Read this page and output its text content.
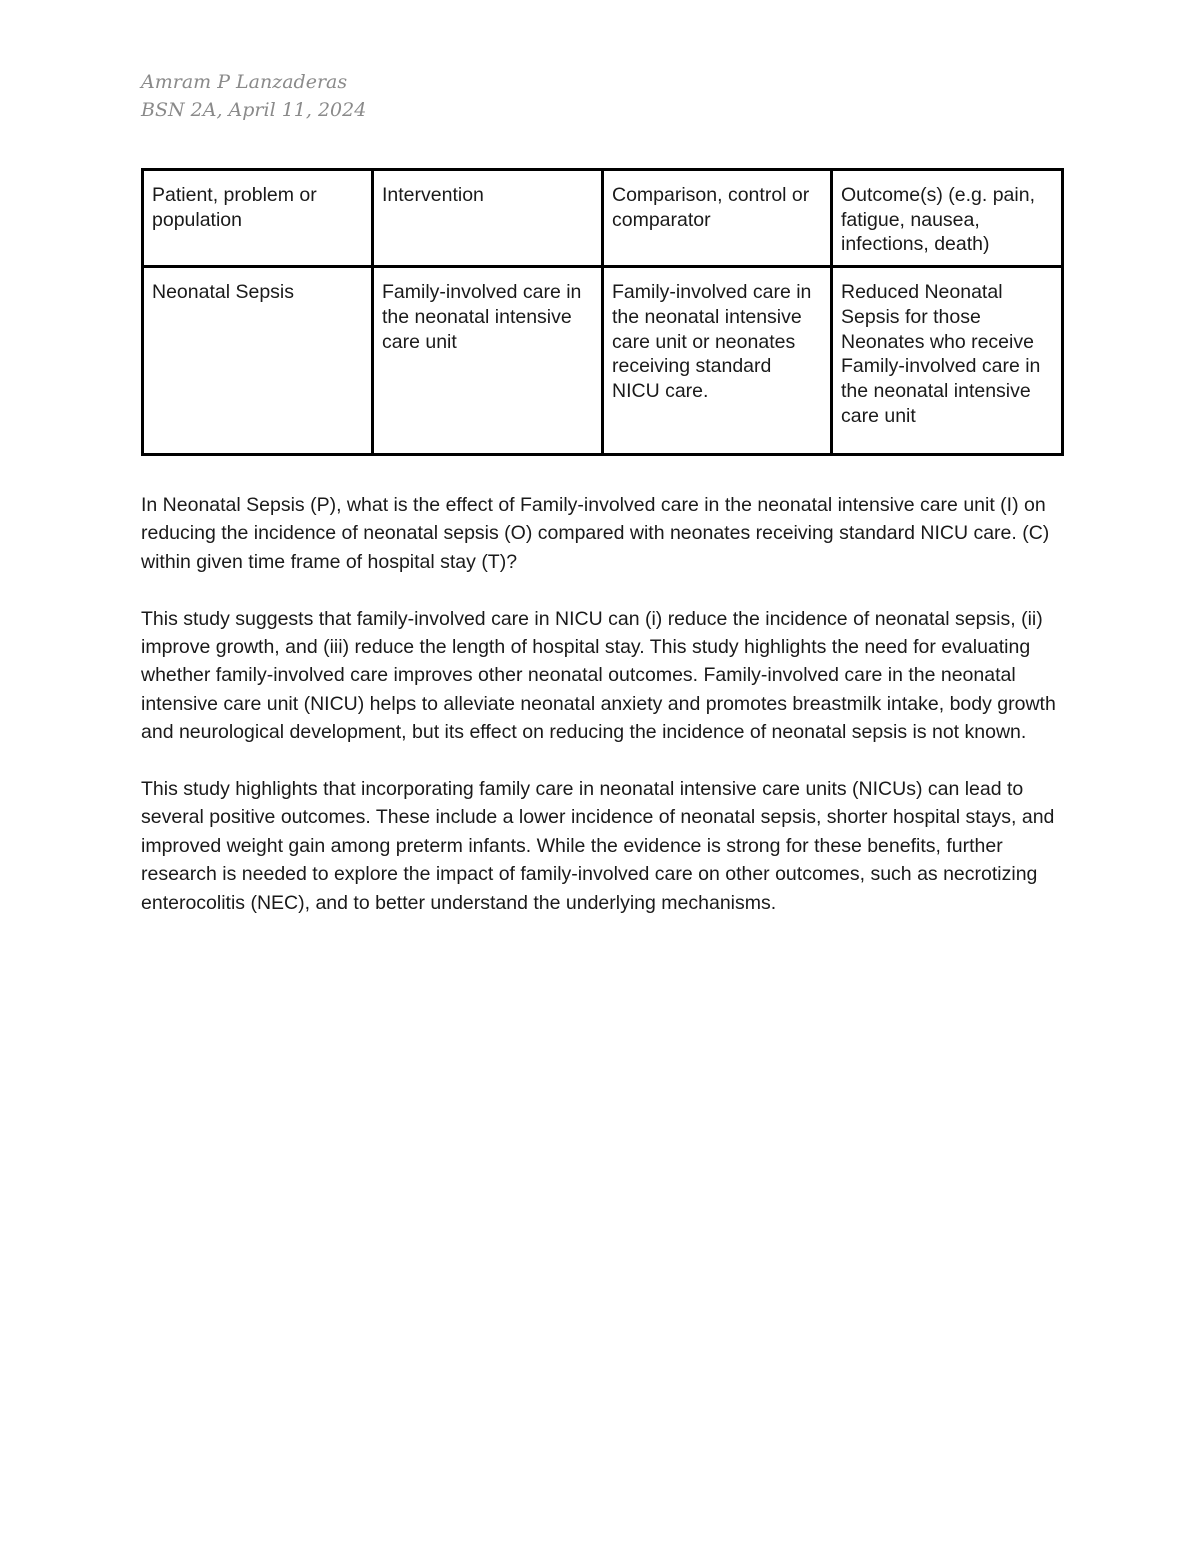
Amram P Lanzaderas
BSN 2A, April 11, 2024
Patient, problem or population	Intervention	Comparison, control or comparator	Outcome(s) (e.g. pain, fatigue, nausea, infections, death)
Neonatal Sepsis	Family-involved care in the neonatal intensive care unit	Family-involved care in the neonatal intensive care unit or neonates receiving standard NICU care.	Reduced Neonatal Sepsis for those Neonates who receive Family-involved care in the neonatal intensive care unit

In Neonatal Sepsis (P), what is the effect of Family-involved care in the neonatal intensive care unit (I) on reducing the incidence of neonatal sepsis (O) compared with neonates receiving standard NICU care. (C) within given time frame of hospital stay (T)?

This study suggests that family-involved care in NICU can (i) reduce the incidence of neonatal sepsis, (ii) improve growth, and (iii) reduce the length of hospital stay. This study highlights the need for evaluating whether family-involved care improves other neonatal outcomes. Family-involved care in the neonatal intensive care unit (NICU) helps to alleviate neonatal anxiety and promotes breastmilk intake, body growth and neurological development, but its effect on reducing the incidence of neonatal sepsis is not known.

This study highlights that incorporating family care in neonatal intensive care units (NICUs) can lead to several positive outcomes. These include a lower incidence of neonatal sepsis, shorter hospital stays, and improved weight gain among preterm infants. While the evidence is strong for these benefits, further research is needed to explore the impact of family-involved care on other outcomes, such as necrotizing enterocolitis (NEC), and to better understand the underlying mechanisms.
